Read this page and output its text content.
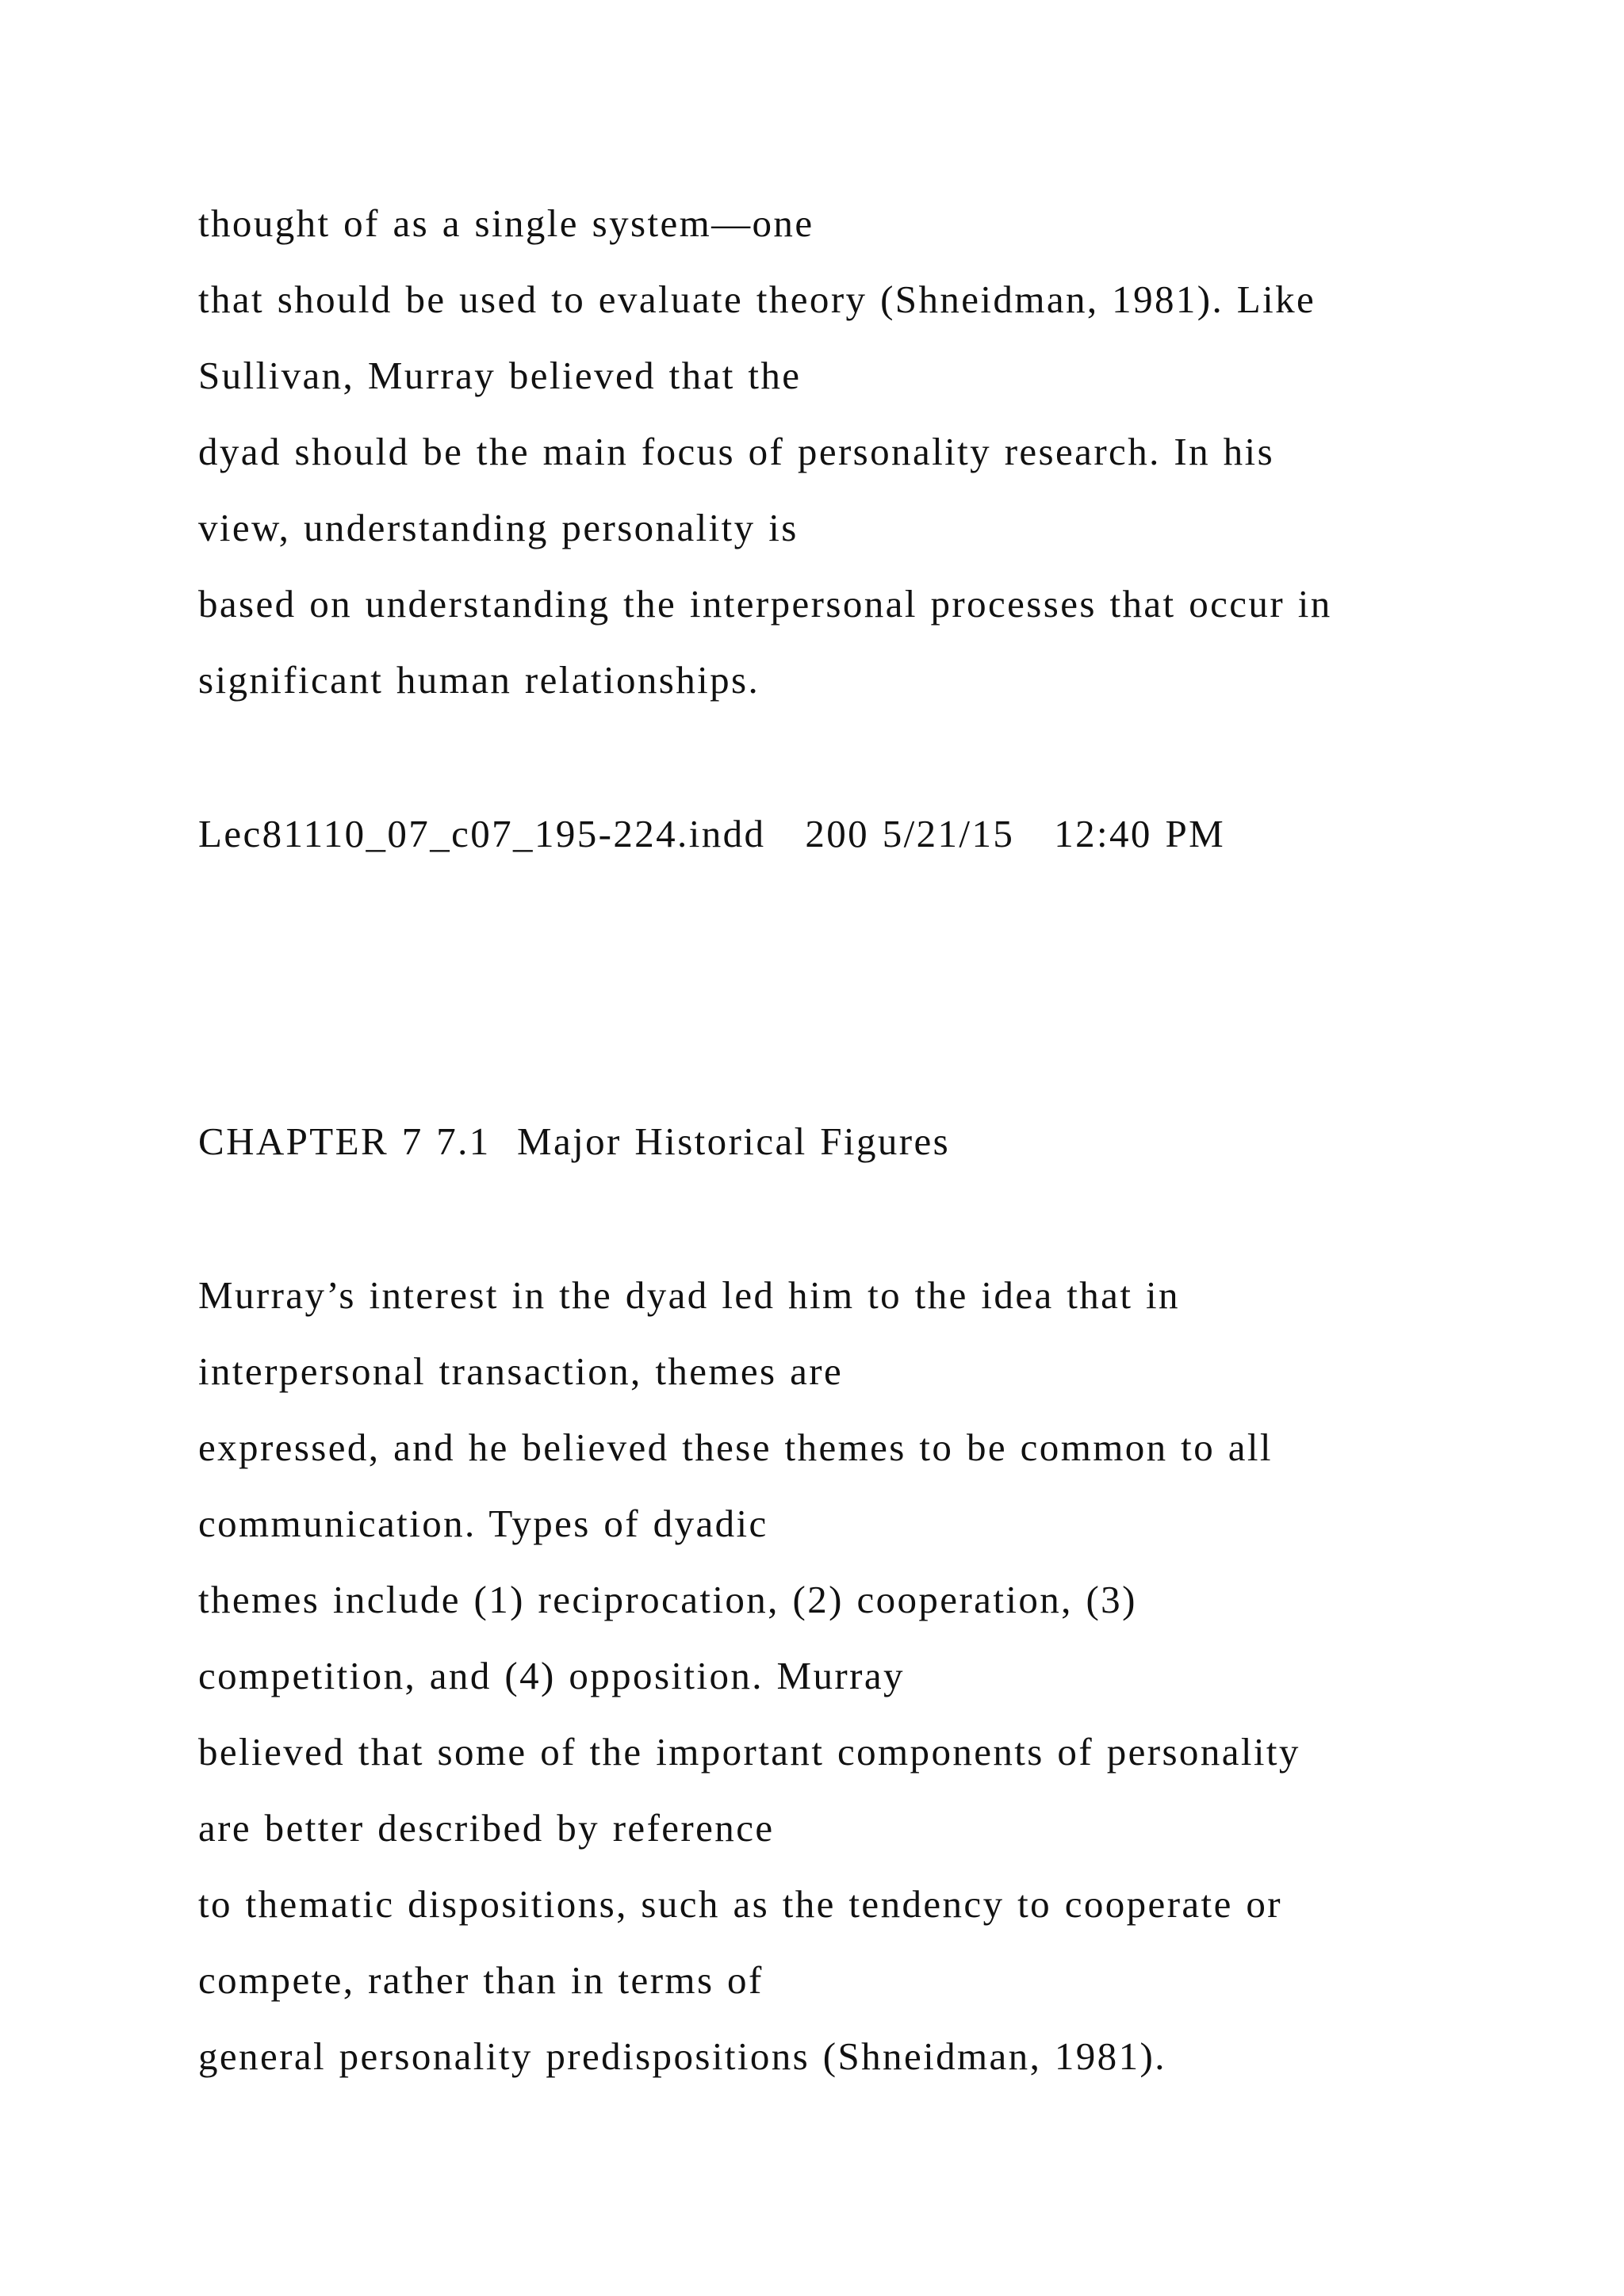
thought of as a single system—one
that should be used to evaluate theory (Shneidman, 1981). Like
Sullivan, Murray believed that the
dyad should be the main focus of personality research. In his
view, understanding personality is
based on understanding the interpersonal processes that occur in
significant human relationships.
Lec81110_07_c07_195-224.indd   200 5/21/15   12:40 PM
CHAPTER 7 7.1  Major Historical Figures
Murray’s interest in the dyad led him to the idea that in
interpersonal transaction, themes are
expressed, and he believed these themes to be common to all
communication. Types of dyadic
themes include (1) reciprocation, (2) cooperation, (3)
competition, and (4) opposition. Murray
believed that some of the important components of personality
are better described by reference
to thematic dispositions, such as the tendency to cooperate or
compete, rather than in terms of
general personality predispositions (Shneidman, 1981).
